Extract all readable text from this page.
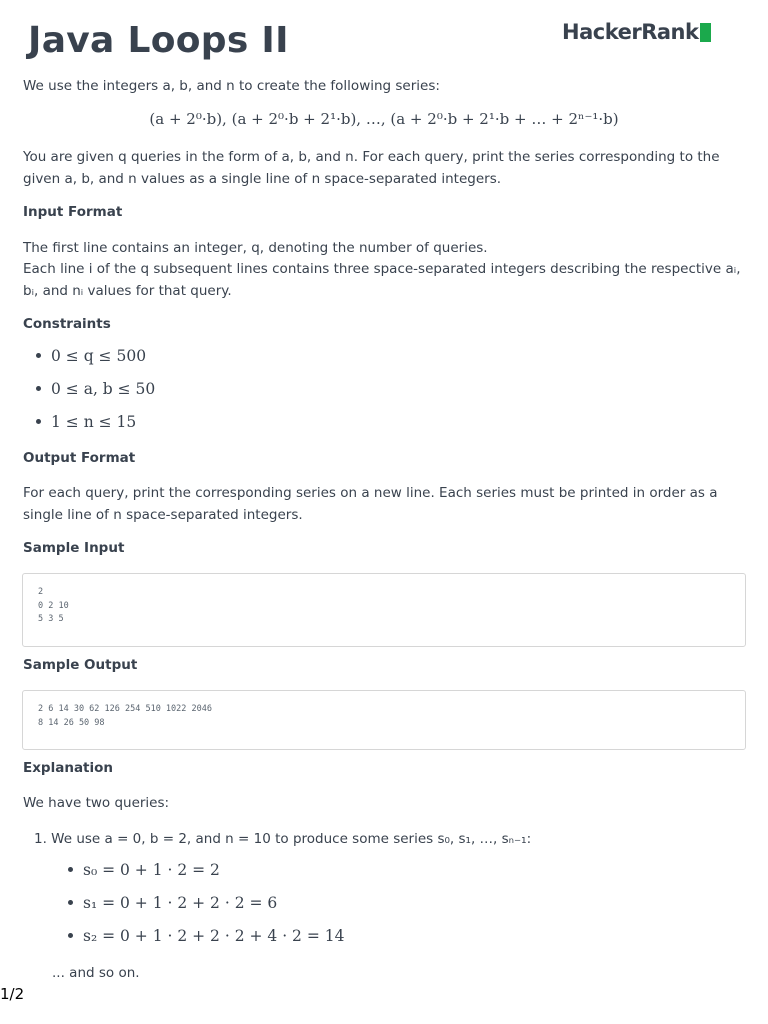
Java Loops II	HackerRank
We use the integers a, b, and n to create the following series:
(a + 2⁰·b), (a + 2⁰·b + 2¹·b), …, (a + 2⁰·b + 2¹·b + … + 2ⁿ⁻¹·b)
You are given q queries in the form of a, b, and n. For each query, print the series corresponding to the given a, b, and n values as a single line of n space-separated integers.
Input Format
The first line contains an integer, q, denoting the number of queries.
Each line i of the q subsequent lines contains three space-separated integers describing the respective aᵢ, bᵢ, and nᵢ values for that query.
Constraints
0 ≤ q ≤ 500
0 ≤ a, b ≤ 50
1 ≤ n ≤ 15
Output Format
For each query, print the corresponding series on a new line. Each series must be printed in order as a single line of n space-separated integers.
Sample Input
2
0 2 10
5 3 5
Sample Output
2 6 14 30 62 126 254 510 1022 2046
8 14 26 50 98
Explanation
We have two queries:
1. We use a = 0, b = 2, and n = 10 to produce some series s₀, s₁, …, sₙ₋₁:
s₀ = 0 + 1 · 2 = 2
s₁ = 0 + 1 · 2 + 2 · 2 = 6
s₂ = 0 + 1 · 2 + 2 · 2 + 4 · 2 = 14
... and so on.
1/2
